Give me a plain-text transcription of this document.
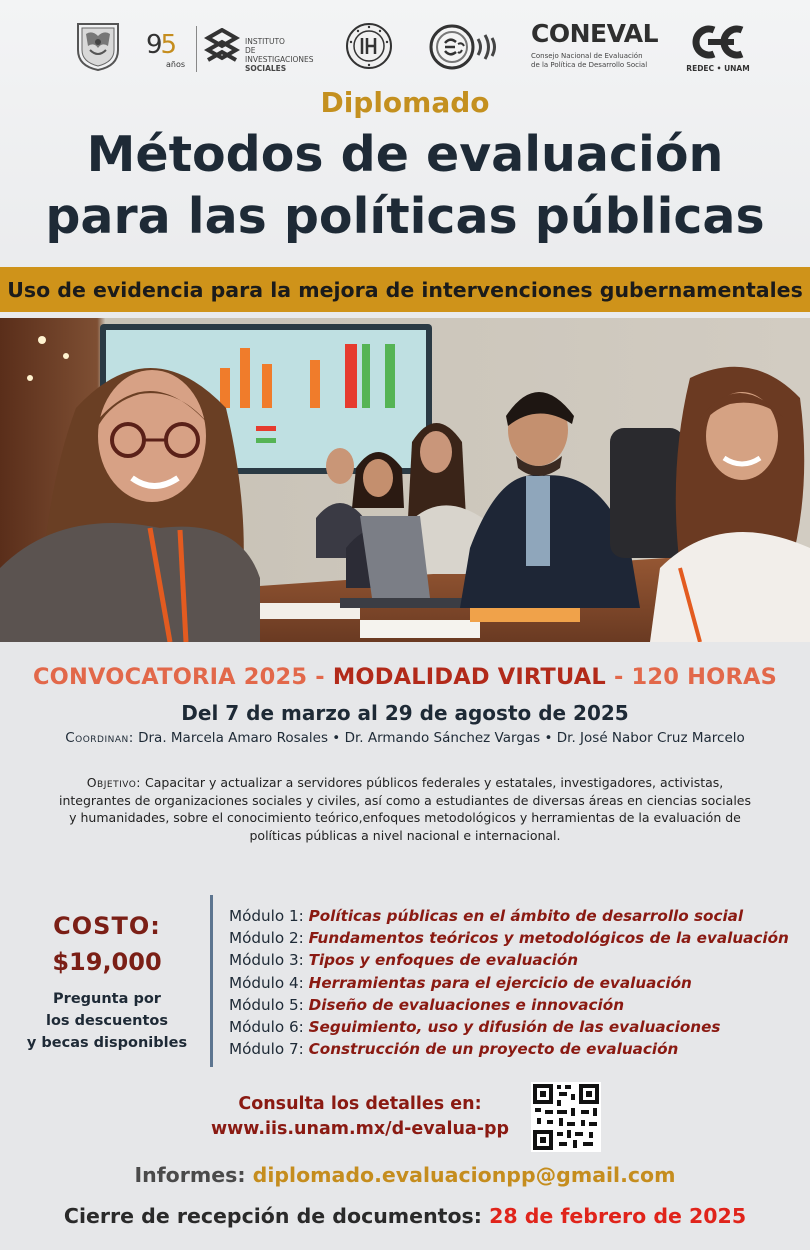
95
años
INSTITUTO
DE INVESTIGACIONES
SOCIALES
CONEVAL
Consejo Nacional de Evaluación
de la Política de Desarrollo Social	REDEC • UNAM
Diplomado
Métodos de evaluación
para las políticas públicas
Uso de evidencia para la mejora de intervenciones gubernamentales
CONVOCATORIA 2025 - MODALIDAD VIRTUAL - 120 HORAS
Del 7 de marzo al 29 de agosto de 2025
Coordinan: Dra. Marcela Amaro Rosales • Dr. Armando Sánchez Vargas • Dr. José Nabor Cruz Marcelo
Objetivo: Capacitar y actualizar a servidores públicos federales y estatales, investigadores, activistas, integrantes de organizaciones sociales y civiles, así como a estudiantes de diversas áreas en ciencias sociales y humanidades, sobre el conocimiento teórico,enfoques metodológicos y herramientas de la evaluación de políticas públicas a nivel nacional e internacional.
COSTO:
$19,000
Pregunta por
los descuentos
y becas disponibles
Módulo 1: Políticas públicas en el ámbito de desarrollo social
Módulo 2: Fundamentos teóricos y metodológicos de la evaluación
Módulo 3: Tipos y enfoques de evaluación
Módulo 4: Herramientas para el ejercicio de evaluación
Módulo 5: Diseño de evaluaciones e innovación
Módulo 6: Seguimiento, uso y difusión de las evaluaciones
Módulo 7: Construcción de un proyecto de evaluación
Consulta los detalles en:
www.iis.unam.mx/d-evalua-pp
Informes: diplomado.evaluacionpp@gmail.com
Cierre de recepción de documentos: 28 de febrero de 2025
